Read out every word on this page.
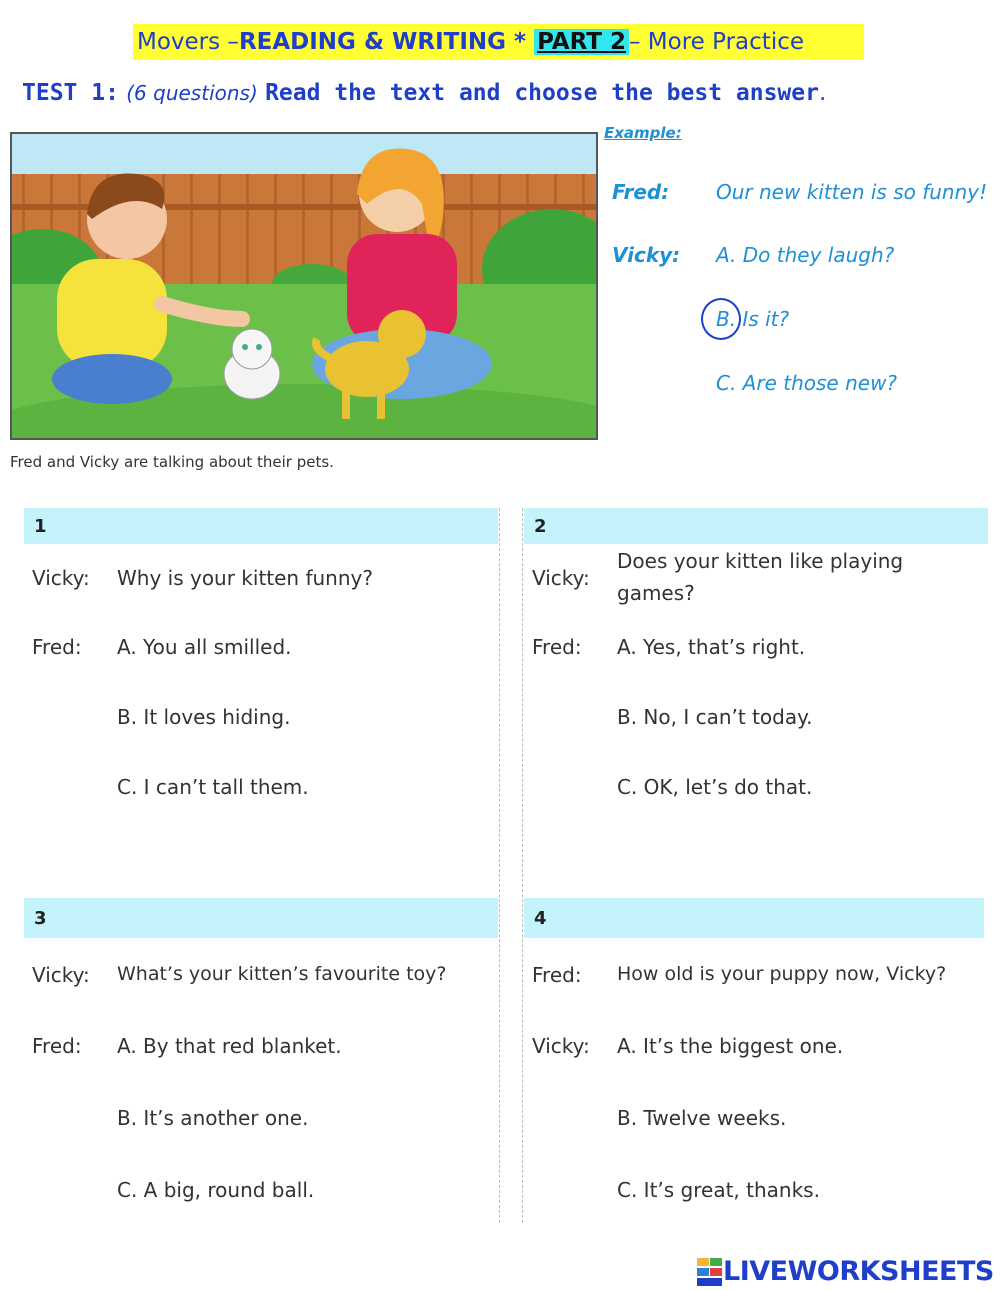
Movers – READING & WRITING * PART 2 – More Practice
TEST 1: (6 questions) Read the text and choose the best answer.
Fred and Vicky are talking about their pets.
Example:
Fred: Our new kitten is so funny!
Vicky: A. Do they laugh?
B. Is it?
C. Are those new?
1
Vicky: Why is your kitten funny?
Fred: A. You all smilled.
B. It loves hiding.
C. I can’t tall them.
2
Vicky:
Does your kitten like playing
games?
Fred: A. Yes, that’s right.
B. No, I can’t today.
C. OK, let’s do that.
3
Vicky: What’s your kitten’s favourite toy?
Fred: A. By that red blanket.
B. It’s another one.
C. A big, round ball.
4
Fred: How old is your puppy now, Vicky?
Vicky: A. It’s the biggest one.
B. Twelve weeks.
C. It’s great, thanks.
LIVEWORKSHEETS
